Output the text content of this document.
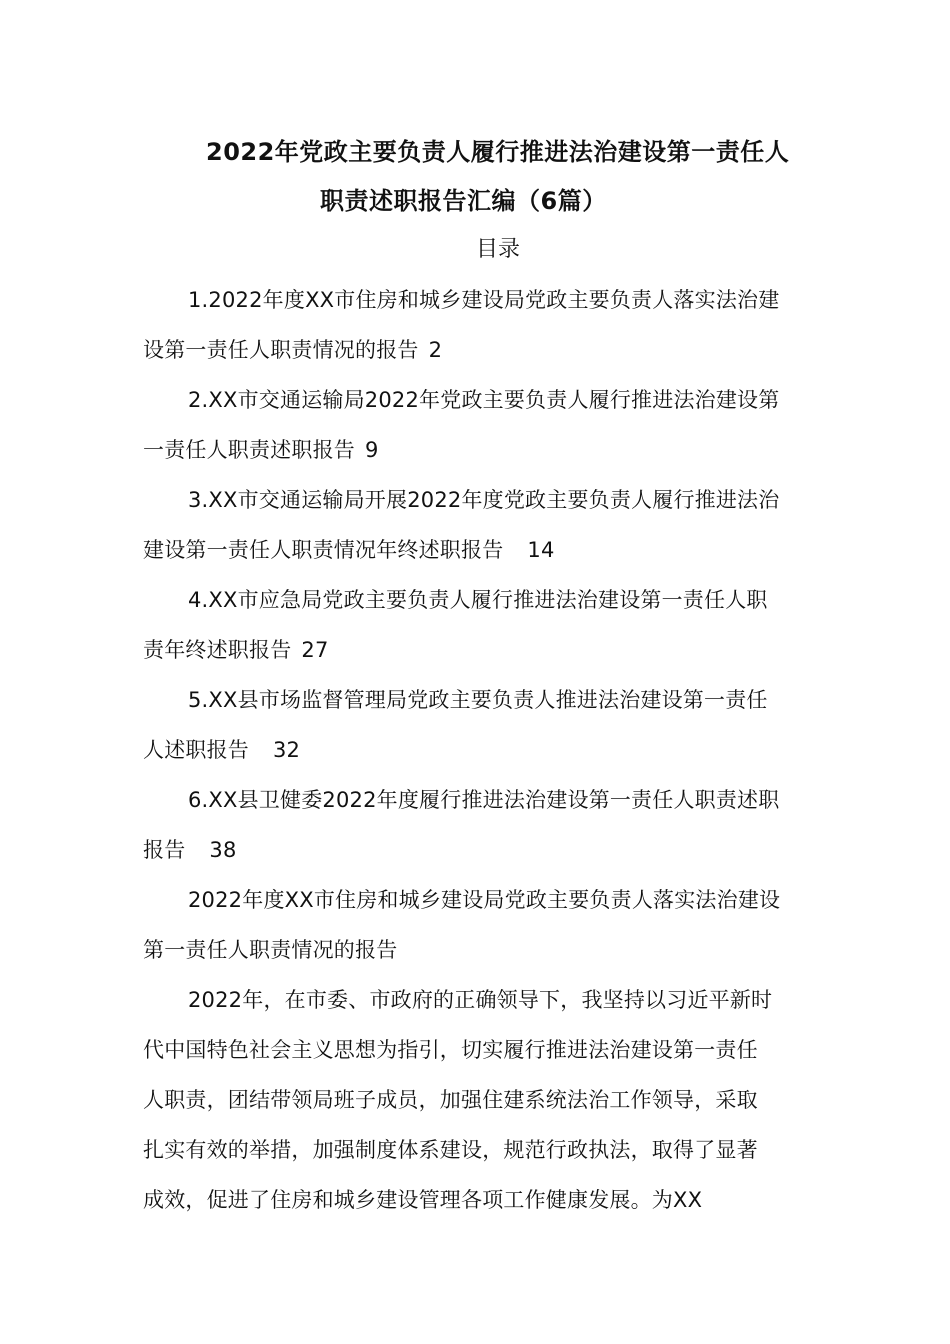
2022年党政主要负责人履行推进法治建设第一责任人
职责述职报告汇编（6篇）
目录
1.2022年度XX市住房和城乡建设局党政主要负责人落实法治建
设第一责任人职责情况的报告 2
2.XX市交通运输局2022年党政主要负责人履行推进法治建设第
一责任人职责述职报告 9
3.XX市交通运输局开展2022年度党政主要负责人履行推进法治
建设第一责任人职责情况年终述职报告 14
4.XX市应急局党政主要负责人履行推进法治建设第一责任人职
责年终述职报告 27
5.XX县市场监督管理局党政主要负责人推进法治建设第一责任
人述职报告 32
6.XX县卫健委2022年度履行推进法治建设第一责任人职责述职
报告 38
2022年度XX市住房和城乡建设局党政主要负责人落实法治建设
第一责任人职责情况的报告
2022年，在市委、市政府的正确领导下，我坚持以习近平新时
代中国特色社会主义思想为指引，切实履行推进法治建设第一责任
人职责，团结带领局班子成员，加强住建系统法治工作领导，采取
扎实有效的举措，加强制度体系建设，规范行政执法，取得了显著
成效，促进了住房和城乡建设管理各项工作健康发展。为XX
